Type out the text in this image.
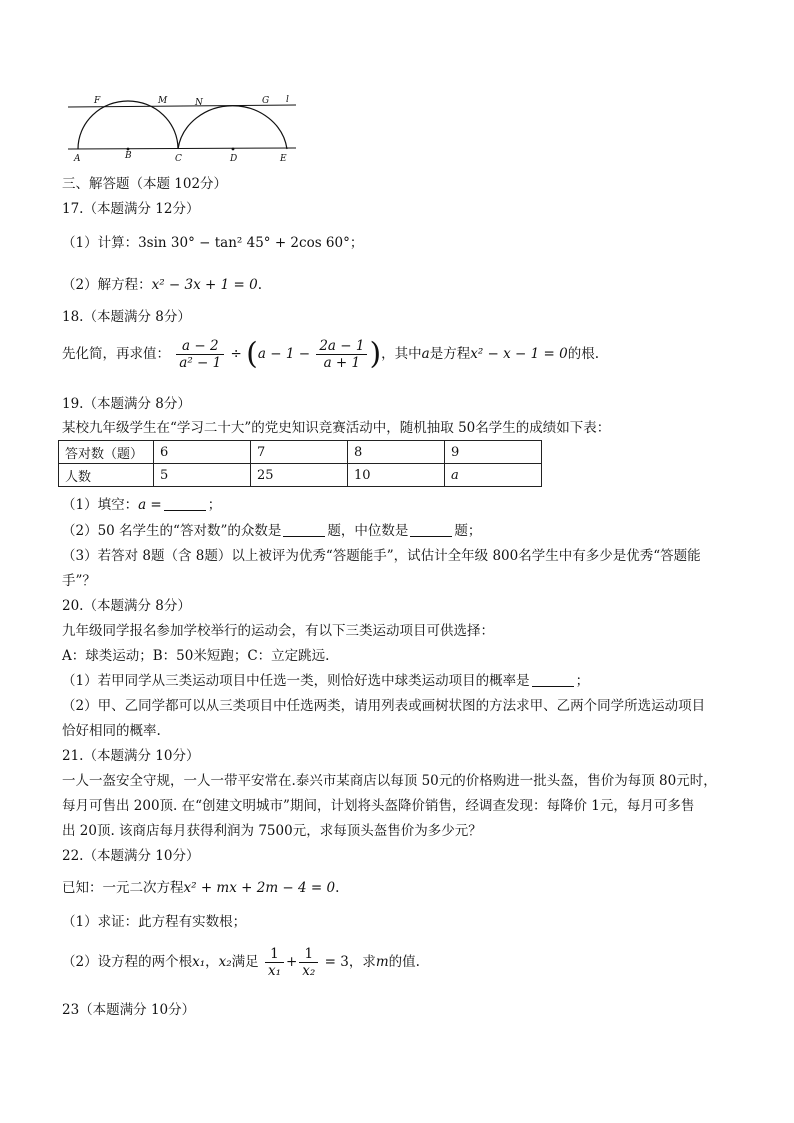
F	M	N	G l
A	B	C	D	E
三、解答题（本题 102分）
17.（本题满分 12分）
（1）计算：3sin 30° − tan² 45° + 2cos 60°；
（2）解方程：x² − 3x + 1 = 0.
18.（本题满分 8分）
先化简，再求值： $\frac{a - 2}{\text{a² − 1}} \div (a - 1 - \frac{2a - 1}{a + 1}$ )，其中a是方程x² − x − 1 = 0的根.
19.（本题满分 8分）
某校九年级学生在“学习二十大”的党史知识竞赛活动中，随机抽取 50名学生的成绩如下表：
答对数（题）	6	7	8	9
人数	5	25	10	a
（1）填空：a =	；
（2）50 名学生的“答对数”的众数是	题，中位数是	题；
（3）若答对 8题（含 8题）以上被评为优秀“答题能手”，试估计全年级 800名学生中有多少是优秀“答题能
手”？
20.（本题满分 8分）
九年级同学报名参加学校举行的运动会，有以下三类运动项目可供选择：
A：球类运动；B：50米短跑；C：立定跳远.
（1）若甲同学从三类运动项目中任选一类，则恰好选中球类运动项目的概率是	；
（2）甲、乙同学都可以从三类项目中任选两类，请用列表或画树状图的方法求甲、乙两个同学所选运动项目
恰好相同的概率.
21.（本题满分 10分）
一人一盔安全守规，一人一带平安常在.泰兴市某商店以每顶 50元的价格购进一批头盔，售价为每顶 80元时，
每月可售出 200顶. 在“创建文明城市”期间，计划将头盔降价销售，经调查发现：每降价 1元，每月可多售
出 20顶. 该商店每月获得利润为 7500元，求每顶头盔售价为多少元？
22.（本题满分 10分）
已知：一元二次方程x² + mx + 2m − 4 = 0.
（1）求证：此方程有实数根；
（2）设方程的两个根x₁，x₂满足 $\frac{1}{\text{x₁}} + \frac{1}{\text{x₂}} = 3$，求m的值.
23（本题满分 10分）
